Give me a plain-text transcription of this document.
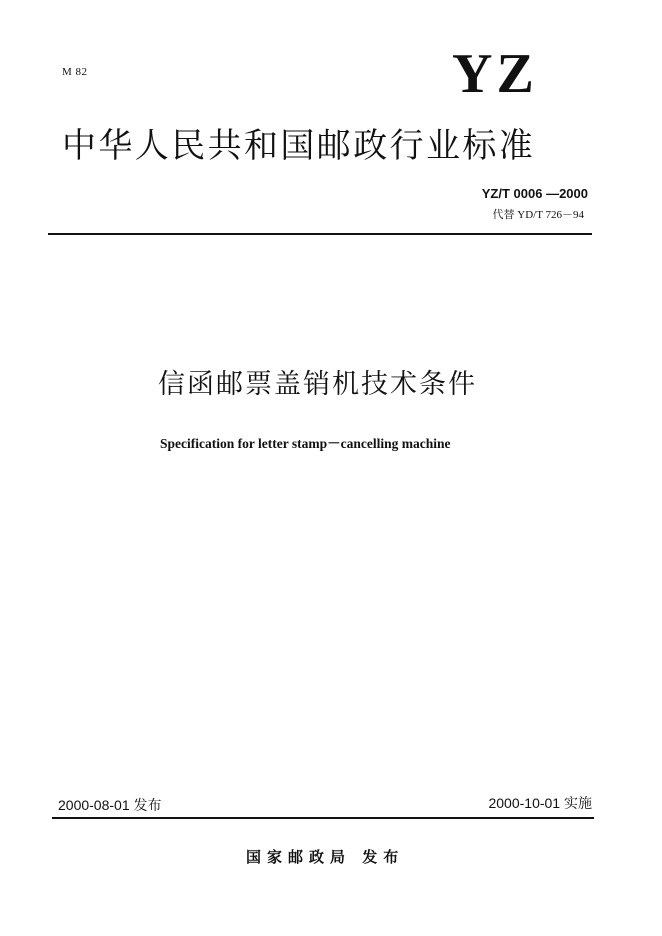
M 82	YZ
中华人民共和国邮政行业标准
YZ/T 0006 —2000
代替 YD/T 726－94
信函邮票盖销机技术条件
Specification for letter stamp－cancelling machine
2000-08-01 发布	2000-10-01 实施
国家邮政局 发布
